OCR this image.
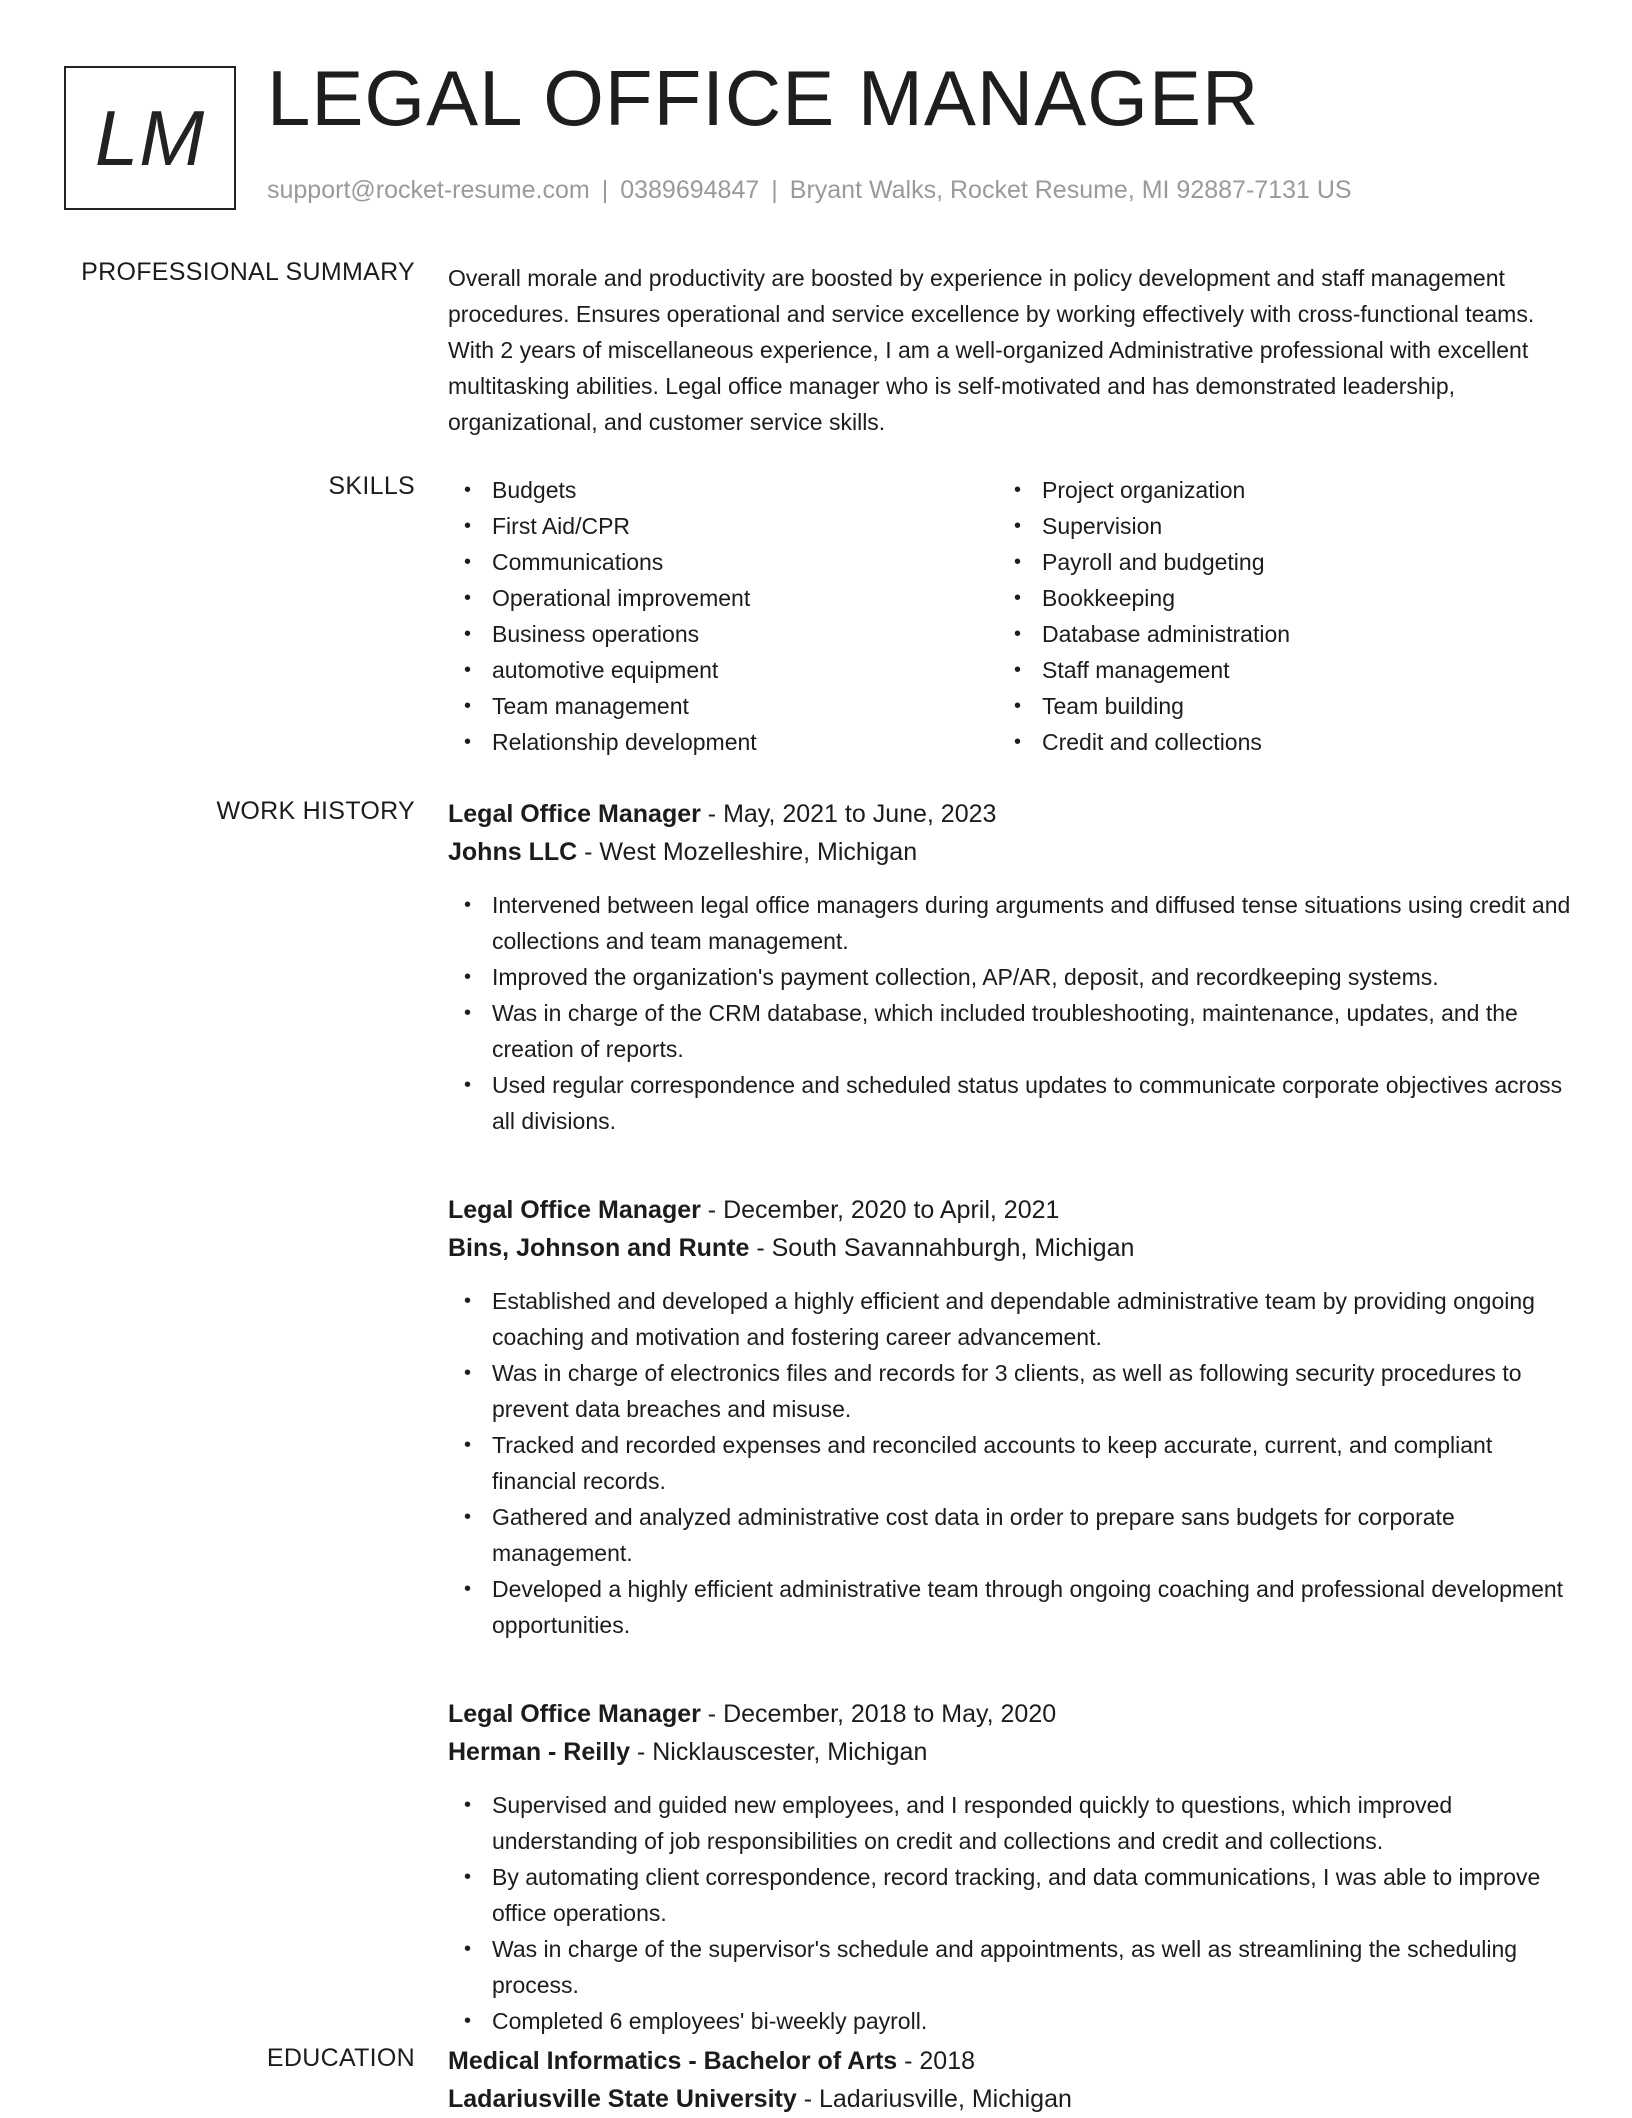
LM LEGAL OFFICE MANAGER
support@rocket-resume.com | 0389694847 | Bryant Walks, Rocket Resume, MI 92887-7131 US
PROFESSIONAL SUMMARY Overall morale and productivity are boosted by experience in policy development and staff management procedures. Ensures operational and service excellence by working effectively with cross-functional teams. With 2 years of miscellaneous experience, I am a well-organized Administrative professional with excellent multitasking abilities. Legal office manager who is self-motivated and has demonstrated leadership, organizational, and customer service skills.

SKILLS • Budgets
• First Aid/CPR
• Communications
• Operational improvement
• Business operations
• automotive equipment
• Team management
• Relationship development
• Project organization
• Supervision
• Payroll and budgeting
• Bookkeeping
• Database administration
• Staff management
• Team building
• Credit and collections
WORK HISTORY Legal Office Manager - May, 2021 to June, 2023
Johns LLC - West Mozelleshire, Michigan
• Intervened between legal office managers during arguments and diffused tense situations using credit and collections and team management.
• Improved the organization's payment collection, AP/AR, deposit, and recordkeeping systems.
• Was in charge of the CRM database, which included troubleshooting, maintenance, updates, and the creation of reports.
• Used regular correspondence and scheduled status updates to communicate corporate objectives across all divisions.
Legal Office Manager - December, 2020 to April, 2021
Bins, Johnson and Runte - South Savannahburgh, Michigan
• Established and developed a highly efficient and dependable administrative team by providing ongoing coaching and motivation and fostering career advancement.
• Was in charge of electronics files and records for 3 clients, as well as following security procedures to prevent data breaches and misuse.
• Tracked and recorded expenses and reconciled accounts to keep accurate, current, and compliant financial records.
• Gathered and analyzed administrative cost data in order to prepare sans budgets for corporate management.
• Developed a highly efficient administrative team through ongoing coaching and professional development opportunities.
Legal Office Manager - December, 2018 to May, 2020
Herman - Reilly - Nicklauscester, Michigan
• Supervised and guided new employees, and I responded quickly to questions, which improved understanding of job responsibilities on credit and collections and credit and collections.
• By automating client correspondence, record tracking, and data communications, I was able to improve office operations.
• Was in charge of the supervisor's schedule and appointments, as well as streamlining the scheduling process.
• Completed 6 employees' bi-weekly payroll.
EDUCATION Medical Informatics - Bachelor of Arts - 2018
Ladariusville State University - Ladariusville, Michigan
